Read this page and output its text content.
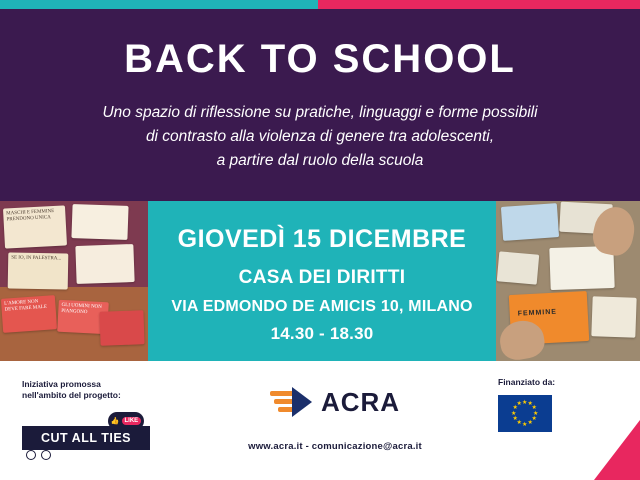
BACK TO SCHOOL
Uno spazio di riflessione su pratiche, linguaggi e forme possibili
di contrasto alla violenza di genere tra adolescenti,
a partire dal ruolo della scuola
MASCHI E FEMMINE PRENDONO UNICA
SE IO, IN PALESTRA...
L'AMORE NON DEVE FARE MALE	GLI UOMINI NON PIANGONO

GIOVEDÌ 15 DICEMBRE

CASA DEI DIRITTI

VIA EDMONDO DE AMICIS 10, MILANO

14.30 - 18.30

FEMMINE
Iniziativa promossa
nell'ambito del progetto:
CUT ALL TIES
👍 LIKE
ACRA
www.acra.it - comunicazione@acra.it
Finanziato da:
★ ★
★
★
★
★
★
★
★
★
★
★
